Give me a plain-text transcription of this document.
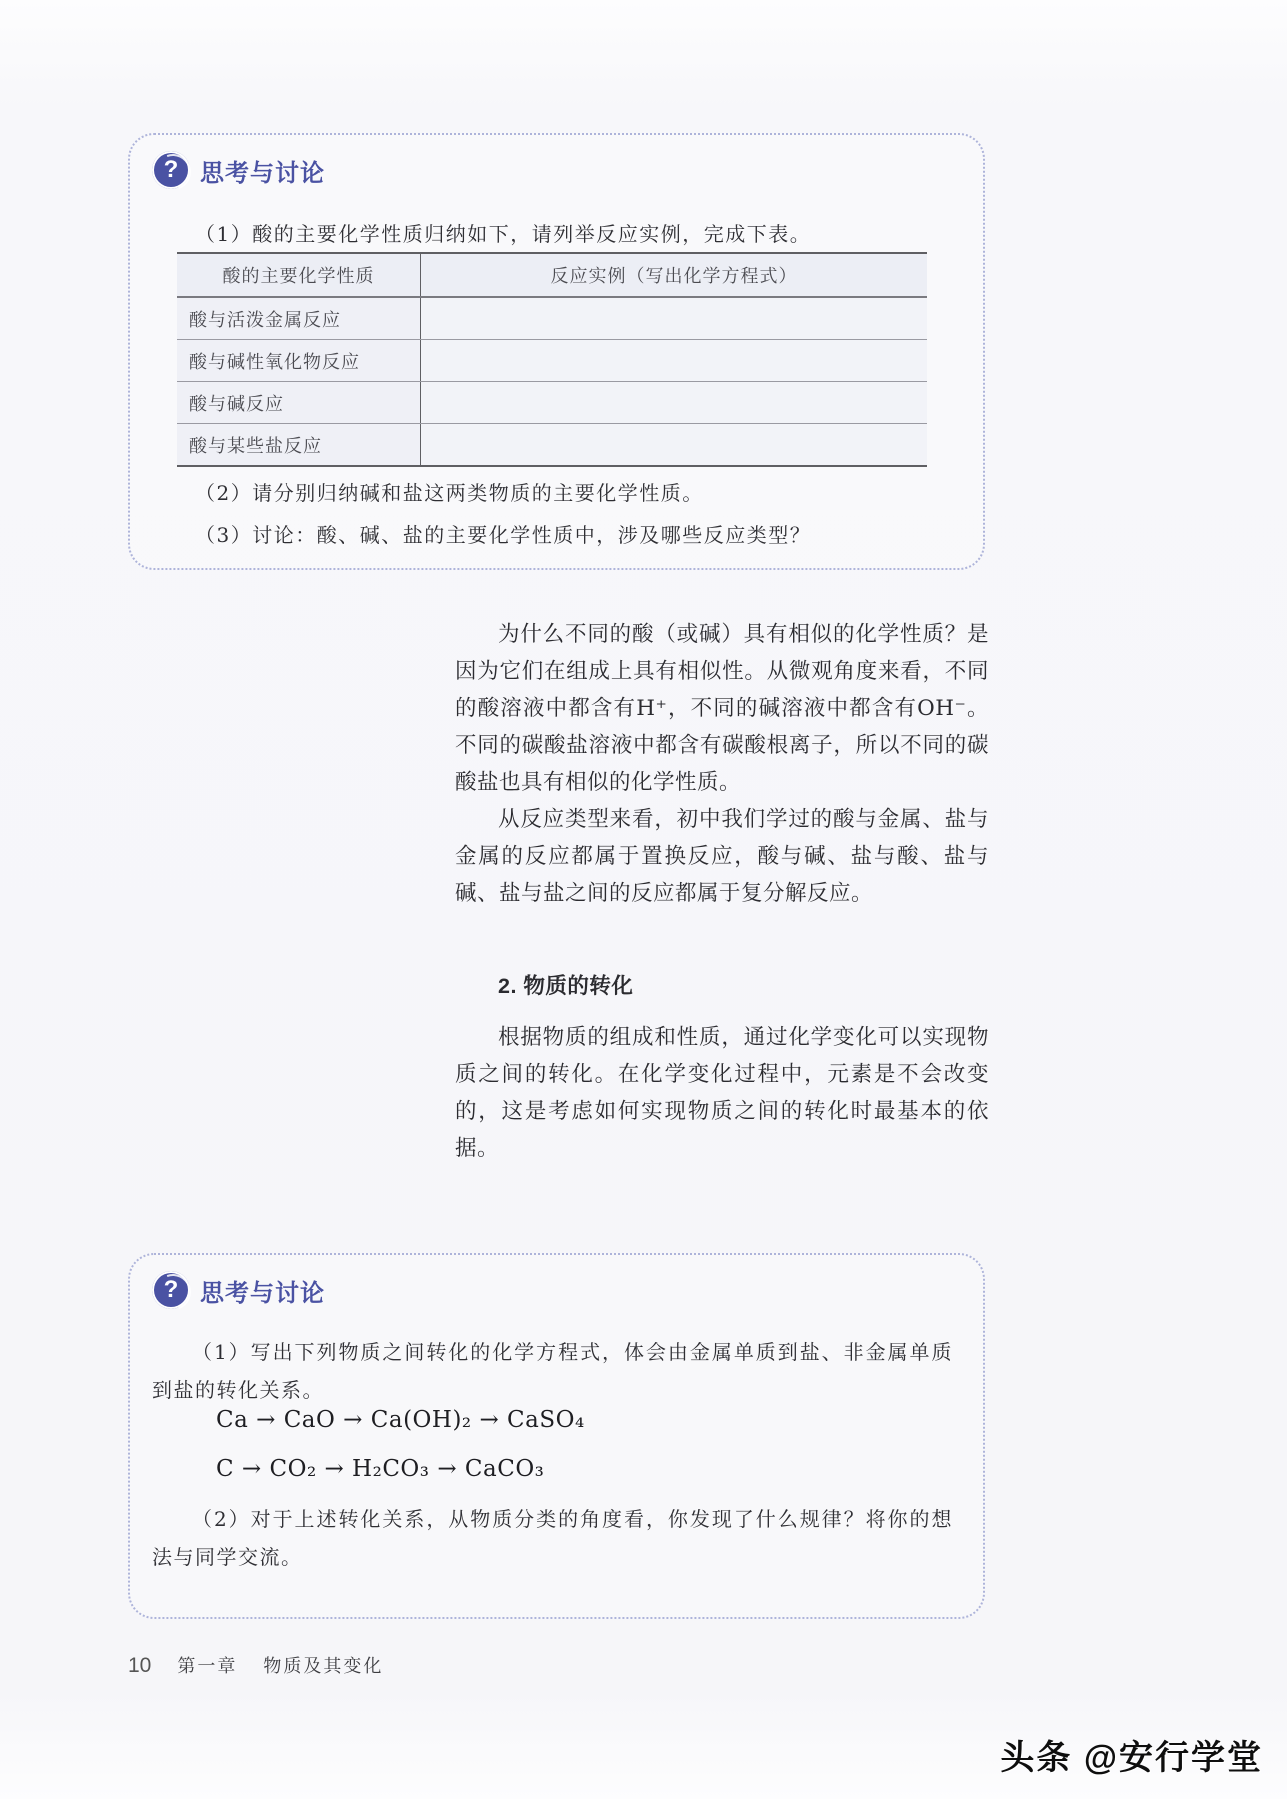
? 思考与讨论
（1）酸的主要化学性质归纳如下，请列举反应实例，完成下表。
酸的主要化学性质	反应实例（写出化学方程式）
酸与活泼金属反应	
酸与碱性氧化物反应	
酸与碱反应	
酸与某些盐反应	
（2）请分别归纳碱和盐这两类物质的主要化学性质。
（3）讨论：酸、碱、盐的主要化学性质中，涉及哪些反应类型？

为什么不同的酸（或碱）具有相似的化学性质？是因为它们在组成上具有相似性。从微观角度来看，不同的酸溶液中都含有H⁺，不同的碱溶液中都含有OH⁻。不同的碳酸盐溶液中都含有碳酸根离子，所以不同的碳酸盐也具有相似的化学性质。

从反应类型来看，初中我们学过的酸与金属、盐与金属的反应都属于置换反应，酸与碱、盐与酸、盐与碱、盐与盐之间的反应都属于复分解反应。

2. 物质的转化

根据物质的组成和性质，通过化学变化可以实现物质之间的转化。在化学变化过程中，元素是不会改变的，这是考虑如何实现物质之间的转化时最基本的依据。

? 思考与讨论
（1）写出下列物质之间转化的化学方程式，体会由金属单质到盐、非金属单质到盐的转化关系。
Ca → CaO → Ca(OH)₂ → CaSO₄
C → CO₂ → H₂CO₃ → CaCO₃
（2）对于上述转化关系，从物质分类的角度看，你发现了什么规律？将你的想法与同学交流。
10 第一章 物质及其变化
头条 @安行学堂
